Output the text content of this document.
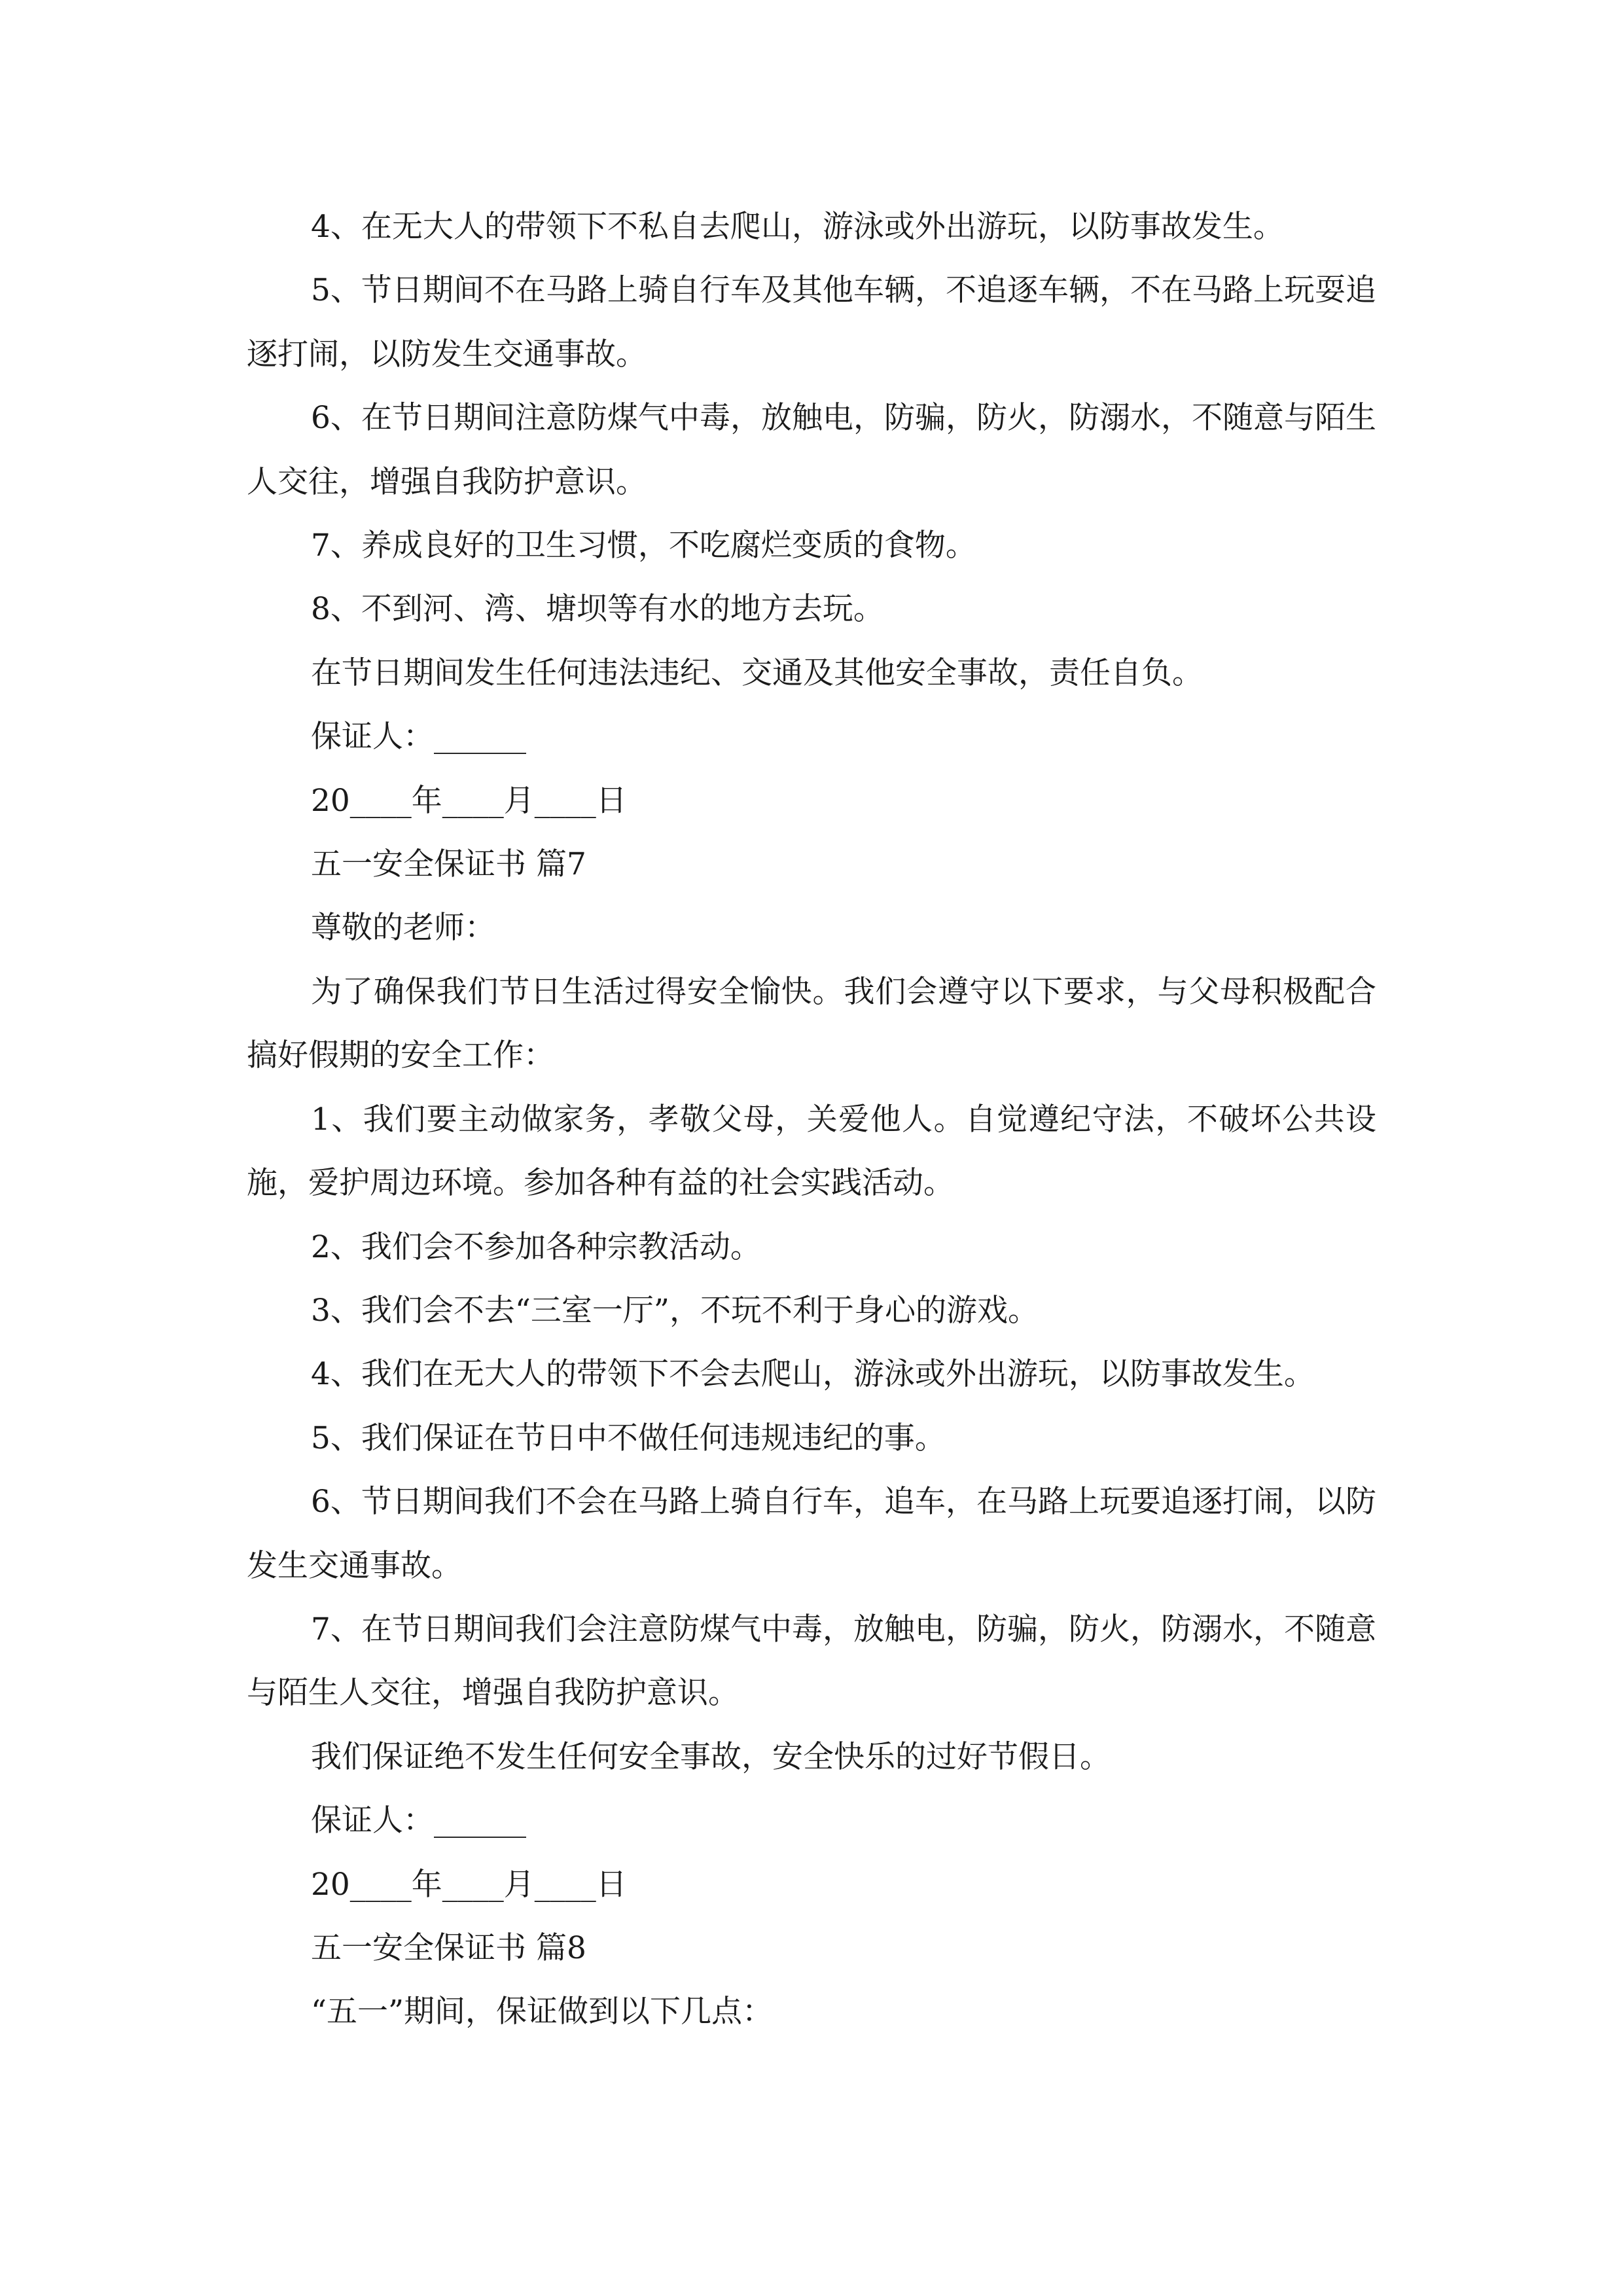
4、在无大人的带领下不私自去爬山，游泳或外出游玩，以防事故发生。

5、节日期间不在马路上骑自行车及其他车辆，不追逐车辆，不在马路上玩耍追逐打闹，以防发生交通事故。

6、在节日期间注意防煤气中毒，放触电，防骗，防火，防溺水，不随意与陌生人交往，增强自我防护意识。

7、养成良好的卫生习惯，不吃腐烂变质的食物。

8、不到河、湾、塘坝等有水的地方去玩。

在节日期间发生任何违法违纪、交通及其他安全事故，责任自负。

保证人：______

20____年____月____日

五一安全保证书 篇7

尊敬的老师：

为了确保我们节日生活过得安全愉快。我们会遵守以下要求，与父母积极配合搞好假期的安全工作：

1、我们要主动做家务，孝敬父母，关爱他人。自觉遵纪守法，不破坏公共设施，爱护周边环境。参加各种有益的社会实践活动。

2、我们会不参加各种宗教活动。

3、我们会不去“三室一厅”，不玩不利于身心的游戏。

4、我们在无大人的带领下不会去爬山，游泳或外出游玩，以防事故发生。

5、我们保证在节日中不做任何违规违纪的事。

6、节日期间我们不会在马路上骑自行车，追车，在马路上玩要追逐打闹，以防发生交通事故。

7、在节日期间我们会注意防煤气中毒，放触电，防骗，防火，防溺水，不随意与陌生人交往，增强自我防护意识。

我们保证绝不发生任何安全事故，安全快乐的过好节假日。

保证人：______

20____年____月____日

五一安全保证书 篇8

“五一”期间，保证做到以下几点：
